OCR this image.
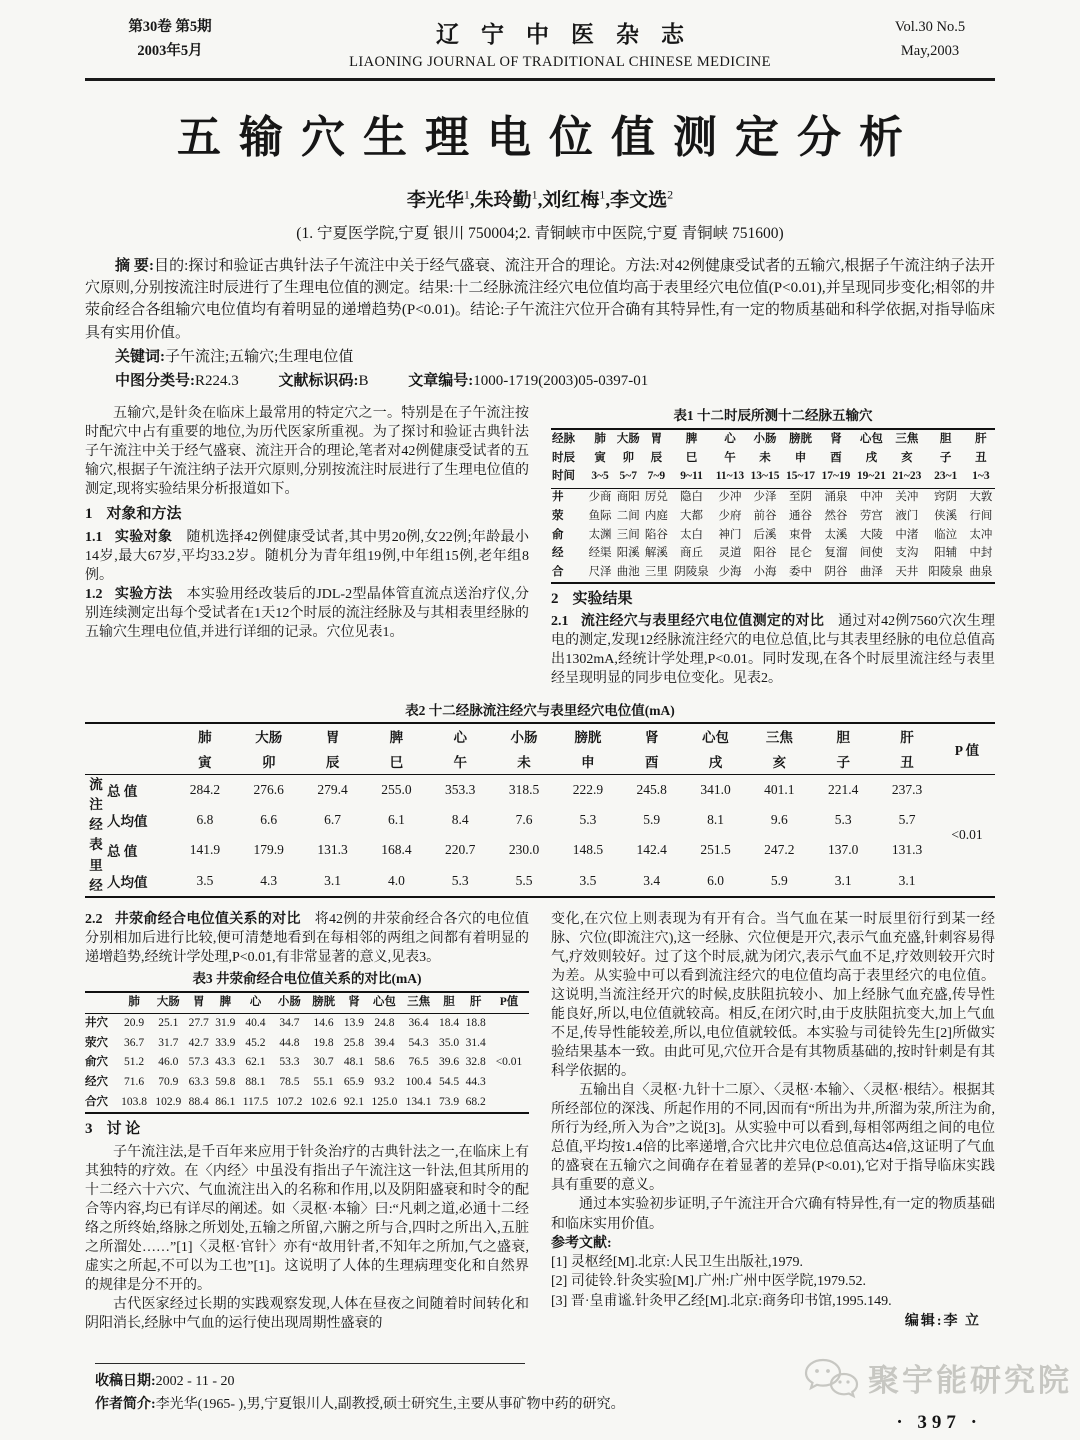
第30卷 第5期
2003年5月
辽宁中医杂志
LIAONING JOURNAL OF TRADITIONAL CHINESE MEDICINE
Vol.30 No.5
May,2003
五输穴生理电位值测定分析
李光华$^1$,朱玲勤$^1$,刘红梅$^1$,李文选$^2$
(1. 宁夏医学院,宁夏 银川 750004;2. 青铜峡市中医院,宁夏 青铜峡 751600)

摘 要:目的:探讨和验证古典针法子午流注中关于经气盛衰、流注开合的理论。方法:对42例健康受试者的五输穴,根据子午流注纳子法开穴原则,分别按流注时辰进行了生理电位值的测定。结果:十二经脉流注经穴电位值均高于表里经穴电位值(P<0.01),并呈现同步变化;相邻的井荥俞经合各组输穴电位值均有着明显的递增趋势(P<0.01)。结论:子午流注穴位开合确有其特异性,有一定的物质基础和科学依据,对指导临床具有实用价值。

关键词:子午流注;五输穴;生理电位值

中图分类号:R224.3	文献标识码:B	文章编号:1000-1719(2003)05-0397-01

五输穴,是针灸在临床上最常用的特定穴之一。特别是在子午流注按时配穴中占有重要的地位,为历代医家所重视。为了探讨和验证古典针法子午流注中关于经气盛衰、流注开合的理论,笔者对42例健康受试者的五输穴,根据子午流注纳子法开穴原则,分别按流注时辰进行了生理电位值的测定,现将实验结果分析报道如下。

1 对象和方法

1.1 实验对象 随机选择42例健康受试者,其中男20例,女22例;年龄最小14岁,最大67岁,平均33.2岁。随机分为青年组19例,中年组15例,老年组8例。

1.2 实验方法 本实验用经改装后的JDL-2型晶体管直流点送治疗仪,分别连续测定出每个受试者在1天12个时辰的流注经脉及与其相表里经脉的五输穴生理电位值,并进行详细的记录。穴位见表1。

表1 十二时辰所测十二经脉五输穴
经脉	肺	大肠	胃	脾	心	小肠	膀胱	肾	心包	三焦	胆	肝
时辰	寅	卯	辰	巳	午	未	申	酉	戌	亥	子	丑
时间	3~5	5~7	7~9	9~11	11~13	13~15	15~17	17~19	19~21	21~23	23~1	1~3
井	少商	商阳	厉兑	隐白	少冲	少泽	至阴	涌泉	中冲	关冲	窍阴	大敦
荥	鱼际	二间	内庭	大都	少府	前谷	通谷	然谷	劳宫	液门	侠溪	行间
俞	太渊	三间	陷谷	太白	神门	后溪	束骨	太溪	大陵	中渚	临泣	太冲
经	经渠	阳溪	解溪	商丘	灵道	阳谷	昆仑	复溜	间使	支沟	阳辅	中封
合	尺泽	曲池	三里	阴陵泉	少海	小海	委中	阴谷	曲泽	天井	阳陵泉	曲泉
2 实验结果

2.1 流注经穴与表里经穴电位值测定的对比 通过对42例7560穴次生理电的测定,发现12经脉流注经穴的电位总值,比与其表里经脉的电位总值高出1302mA,经统计学处理,P<0.01。同时发现,在各个时辰里流注经与表里经呈现明显的同步电位变化。见表2。

表2 十二经脉流注经穴与表里经穴电位值(mA)
		肺	大肠	胃	脾	心	小肠	膀胱	肾	心包	三焦	胆	肝	P 值
		寅	卯	辰	巳	午	未	申	酉	戌	亥	子	丑	
流注经	总 值	284.2	276.6	279.4	255.0	353.3	318.5	222.9	245.8	341.0	401.1	221.4	237.3	<0.01
	人均值	6.8	6.6	6.7	6.1	8.4	7.6	5.3	5.9	8.1	9.6	5.3	5.7	
表里经	总 值	141.9	179.9	131.3	168.4	220.7	230.0	148.5	142.4	251.5	247.2	137.0	131.3	
	人均值	3.5	4.3	3.1	4.0	5.3	5.5	3.5	3.4	6.0	5.9	3.1	3.1	

2.2 井荥俞经合电位值关系的对比 将42例的井荥俞经合各穴的电位值分别相加后进行比较,便可清楚地看到在每相邻的两组之间都有着明显的递增趋势,经统计学处理,P<0.01,有非常显著的意义,见表3。

表3 井荥俞经合电位值关系的对比(mA)
	肺	大肠	胃	脾	心	小肠	膀胱	肾	心包	三焦	胆	肝	P值
井穴	20.9	25.1	27.7	31.9	40.4	34.7	14.6	13.9	24.8	36.4	18.4	18.8	<0.01
荥穴	36.7	31.7	42.7	33.9	45.2	44.8	19.8	25.8	39.4	54.3	35.0	31.4	
俞穴	51.2	46.0	57.3	43.3	62.1	53.3	30.7	48.1	58.6	76.5	39.6	32.8	
经穴	71.6	70.9	63.3	59.8	88.1	78.5	55.1	65.9	93.2	100.4	54.5	44.3	
合穴	103.8	102.9	88.4	86.1	117.5	107.2	102.6	92.1	125.0	134.1	73.9	68.2	
3 讨 论

子午流注法,是千百年来应用于针灸治疗的古典针法之一,在临床上有其独特的疗效。在〈内经〉中虽没有指出子午流注这一针法,但其所用的十二经六十六穴、气血流注出入的名称和作用,以及阴阳盛衰和时令的配合等内容,均已有详尽的阐述。如〈灵枢·本输〉曰:“凡刺之道,必通十二经络之所终始,络脉之所划处,五输之所留,六腑之所与合,四时之所出入,五脏之所溜处……”[1]〈灵枢·官针〉亦有“故用针者,不知年之所加,气之盛衰,虚实之所起,不可以为工也”[1]。这说明了人体的生理病理变化和自然界的规律是分不开的。

古代医家经过长期的实践观察发现,人体在昼夜之间随着时间转化和阴阳消长,经脉中气血的运行使出现周期性盛衰的

变化,在穴位上则表现为有开有合。当气血在某一时辰里衍行到某一经脉、穴位(即流注穴),这一经脉、穴位便是开穴,表示气血充盛,针刺容易得气,疗效则较好。过了这个时辰,就为闭穴,表示气血不足,疗效则较开穴时为差。从实验中可以看到流注经穴的电位值均高于表里经穴的电位值。这说明,当流注经开穴的时候,皮肤阻抗较小、加上经脉气血充盛,传导性能良好,所以,电位值就较高。相反,在闭穴时,由于皮肤阻抗变大,加上气血不足,传导性能较差,所以,电位值就较低。本实验与司徒铃先生[2]所做实验结果基本一致。由此可见,穴位开合是有其物质基础的,按时针刺是有其科学依据的。

五输出自〈灵枢·九针十二原〉、〈灵枢·本输〉、〈灵枢·根结〉。根据其所经部位的深浅、所起作用的不同,因而有“所出为井,所溜为荥,所注为俞,所行为经,所入为合”之说[3]。从实验中可以看到,每相邻两组之间的电位总值,平均按1.4倍的比率递增,合穴比井穴电位总值高达4倍,这证明了气血的盛衰在五输穴之间确存在着显著的差异(P<0.01),它对于指导临床实践具有重要的意义。

通过本实验初步证明,子午流注开合穴确有特异性,有一定的物质基础和临床实用价值。

参考文献:

[1] 灵枢经[M].北京:人民卫生出版社,1979.

[2] 司徒铃.针灸实验[M].广州:广州中医学院,1979.52.

[3] 晋·皇甫谧.针灸甲乙经[M].北京:商务印书馆,1995.149.

编辑:李 立

收稿日期:2002 - 11 - 20
作者简介:李光华(1965- ),男,宁夏银川人,副教授,硕士研究生,主要从事矿物中药的研究。
聚宇能研究院
· 397 ·
